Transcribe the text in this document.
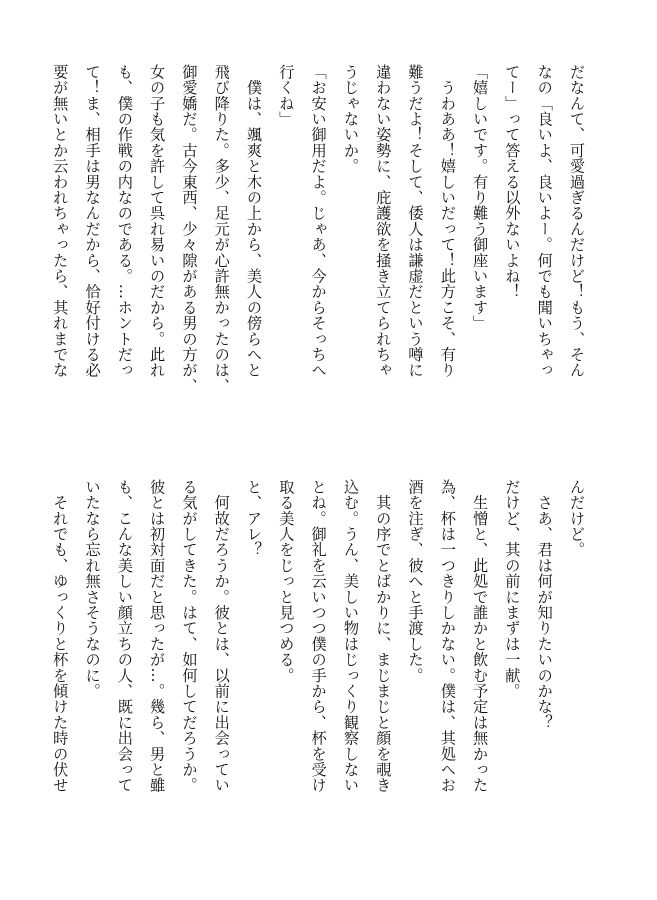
だなんて、可愛過ぎるんだけど！もう、そん
なの「良いよ、良いよー。何でも聞いちゃっ
てー」って答える以外ないよね！
「嬉しいです。有り難う御座います」
　うわああ！嬉しいだって！此方こそ、有り
難うだよ！そして、倭人は謙虚だという噂に
違わない姿勢に、庇護欲を掻き立てられちゃ
うじゃないか。
「お安い御用だよ。じゃあ、今からそっちへ
行くね」
　僕は、颯爽と木の上から、美人の傍らへと
飛び降りた。多少、足元が心許無かったのは、
御愛嬌だ。古今東西、少々隙がある男の方が、
女の子も気を許して呉れ易いのだから。此れ
も、僕の作戦の内なのである。…ホントだっ
て！ま、相手は男なんだから、恰好付ける必
要が無いとか云われちゃったら、其れまでな
んだけど。
　さあ、君は何が知りたいのかな？
だけど、其の前にまずは一献。
　生憎と、此処で誰かと飲む予定は無かった
為、杯は一つきりしかない。僕は、其処へお
酒を注ぎ、彼へと手渡した。
　其の序でとばかりに、まじまじと顔を覗き
込む。うん、美しい物はじっくり観察しない
とね。御礼を云いつつ僕の手から、杯を受け
取る美人をじっと見つめる。
と、アレ？
　何故だろうか。彼とは、以前に出会ってい
る気がしてきた。はて、如何してだろうか。
彼とは初対面だと思ったが…。幾ら、男と雖
も、こんな美しい顔立ちの人、既に出会って
いたなら忘れ無さそうなのに。
　それでも、ゆっくりと杯を傾けた時の伏せ
